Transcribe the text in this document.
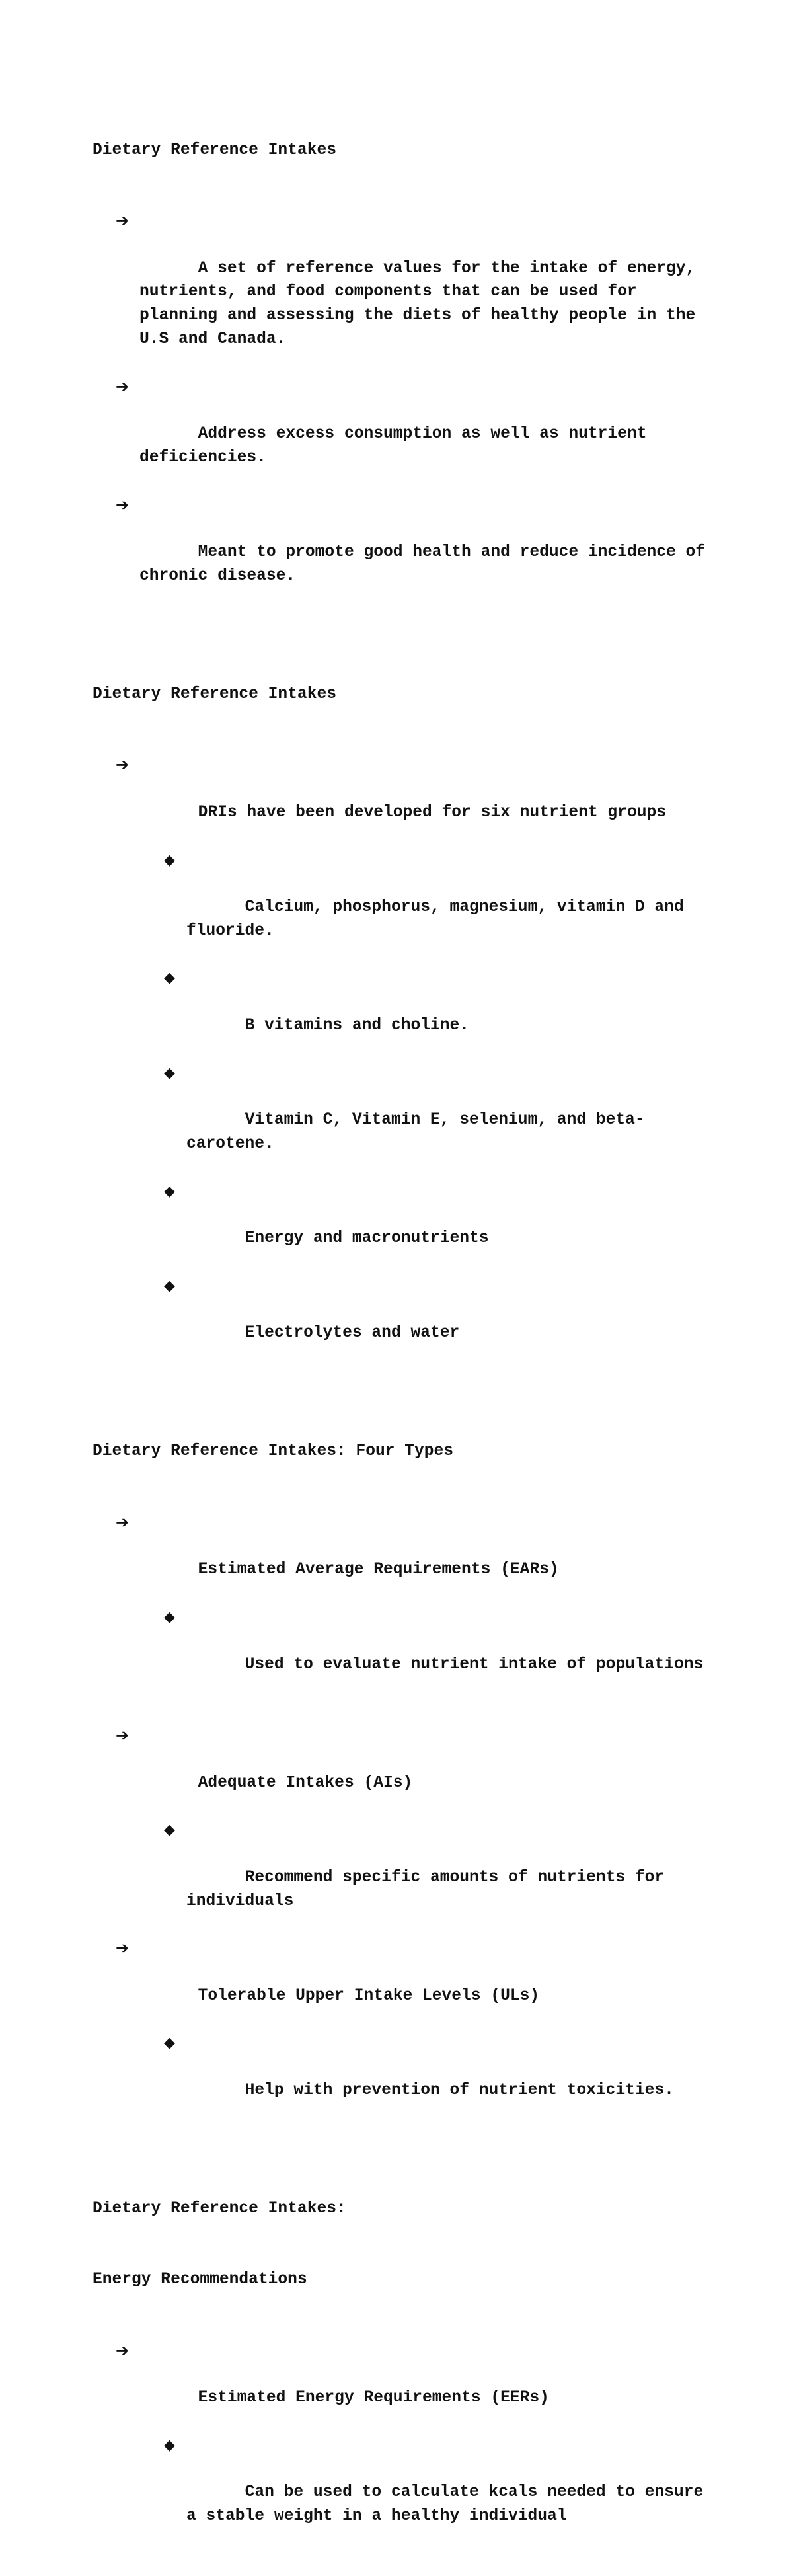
Dietary Reference Intakes

➔

A set of reference values for the intake of energy, nutrients, and food components that can be used for planning and assessing the diets of healthy people in the U.S and Canada.

➔

Address excess consumption as well as nutrient deficiencies.

➔

Meant to promote good health and reduce incidence of chronic disease.

Dietary Reference Intakes

➔

DRIs have been developed for six nutrient groups

◆

Calcium, phosphorus, magnesium, vitamin D and fluoride.

◆

B vitamins and choline.

◆

Vitamin C, Vitamin E, selenium, and beta-carotene.

◆

Energy and macronutrients

◆

Electrolytes and water

Dietary Reference Intakes: Four Types

➔

Estimated Average Requirements (EARs)

◆

Used to evaluate nutrient intake of populations

➔

Adequate Intakes (AIs)

◆

Recommend specific amounts of nutrients for individuals

➔

Tolerable Upper Intake Levels (ULs)

◆

Help with prevention of nutrient toxicities.

Dietary Reference Intakes:

Energy Recommendations

➔

Estimated Energy Requirements (EERs)

◆

Can be used to calculate kcals needed to ensure a stable weight in a healthy individual
